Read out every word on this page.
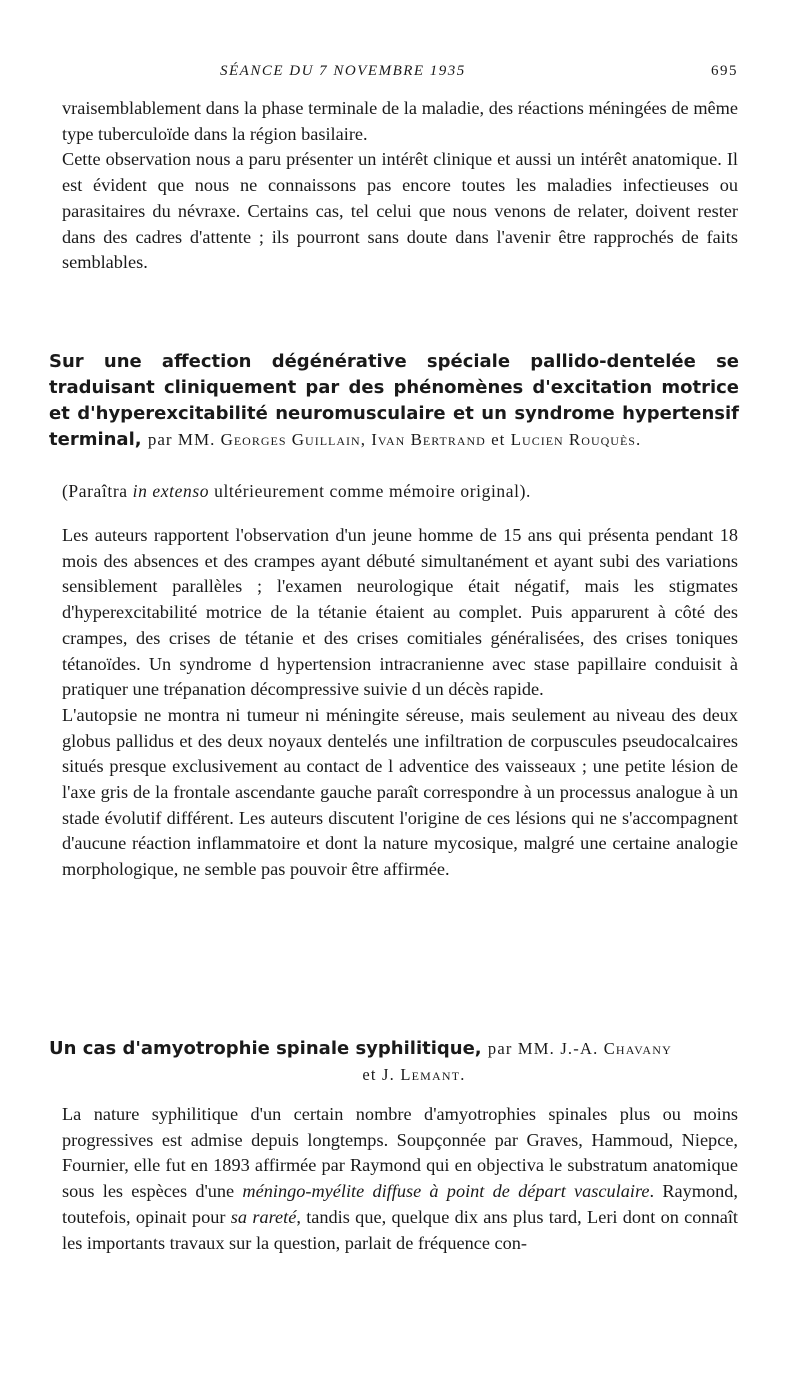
SÉANCE DU 7 NOVEMBRE 1935	695

vraisemblablement dans la phase terminale de la maladie, des réactions méningées de même type tuberculoïde dans la région basilaire.

Cette observation nous a paru présenter un intérêt clinique et aussi un intérêt anatomique. Il est évident que nous ne connaissons pas encore toutes les maladies infectieuses ou parasitaires du névraxe. Certains cas, tel celui que nous venons de relater, doivent rester dans des cadres d'attente ; ils pourront sans doute dans l'avenir être rapprochés de faits semblables.

Sur une affection dégénérative spéciale pallido-dentelée se traduisant cliniquement par des phénomènes d'excitation motrice et d'hyperexcitabilité neuromusculaire et un syndrome hypertensif terminal, par MM. Georges Guillain, Ivan Bertrand et Lucien Rouquès.
(Paraîtra in extenso ultérieurement comme mémoire original).

Les auteurs rapportent l'observation d'un jeune homme de 15 ans qui présenta pendant 18 mois des absences et des crampes ayant débuté simultanément et ayant subi des variations sensiblement parallèles ; l'examen neurologique était négatif, mais les stigmates d'hyperexcitabilité motrice de la tétanie étaient au complet. Puis apparurent à côté des crampes, des crises de tétanie et des crises comitiales généralisées, des crises toniques tétanoïdes. Un syndrome d hypertension intracranienne avec stase papillaire conduisit à pratiquer une trépanation décompressive suivie d un décès rapide.

L'autopsie ne montra ni tumeur ni méningite séreuse, mais seulement au niveau des deux globus pallidus et des deux noyaux dentelés une infiltration de corpuscules pseudocalcaires situés presque exclusivement au contact de l adventice des vaisseaux ; une petite lésion de l'axe gris de la frontale ascendante gauche paraît correspondre à un processus analogue à un stade évolutif différent. Les auteurs discutent l'origine de ces lésions qui ne s'accompagnent d'aucune réaction inflammatoire et dont la nature mycosique, malgré une certaine analogie morphologique, ne semble pas pouvoir être affirmée.

Un cas d'amyotrophie spinale syphilitique, par MM. J.-A. Chavany
et J. Lemant.

La nature syphilitique d'un certain nombre d'amyotrophies spinales plus ou moins progressives est admise depuis longtemps. Soupçonnée par Graves, Hammoud, Niepce, Fournier, elle fut en 1893 affirmée par Raymond qui en objectiva le substratum anatomique sous les espèces d'une méningo-myélite diffuse à point de départ vasculaire. Raymond, toutefois, opinait pour sa rareté, tandis que, quelque dix ans plus tard, Leri dont on connaît les importants travaux sur la question, parlait de fréquence con-
